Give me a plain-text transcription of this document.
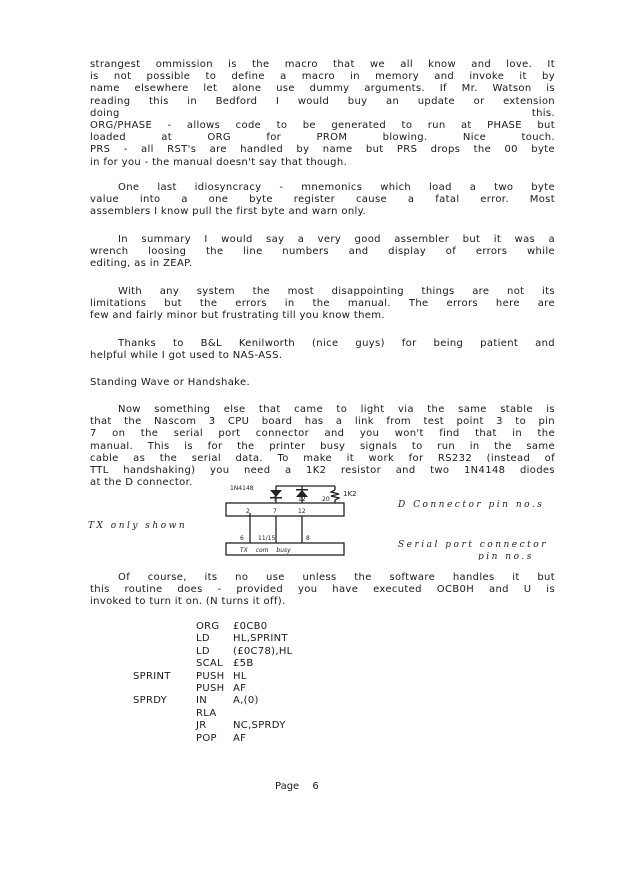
strangest ommission is the macro that we all know and love. It
is not possible to define a macro in memory and invoke it by
name elsewhere let alone use dummy arguments. If Mr. Watson is
reading this in Bedford I would buy an update or extension
doing this.
ORG/PHASE - allows code to be generated to run at PHASE but
loaded at ORG for PROM blowing. Nice touch.
PRS - all RST's are handled by name but PRS drops the 00 byte
in for you - the manual doesn't say that though.
One last idiosyncracy - mnemonics which load a two byte
value into a one byte register cause a fatal error. Most
assemblers I know pull the first byte and warn only.
In summary I would say a very good assembler but it was a
wrench loosing the line numbers and display of errors while
editing, as in ZEAP.
With any system the most disappointing things are not its
limitations but the errors in the manual. The errors here are
few and fairly minor but frustrating till you know them.
Thanks to B&L Kenilworth (nice guys) for being patient and
helpful while I got used to NAS-ASS.
Standing Wave or Handshake.
Now something else that came to light via the same stable is
that the Nascom 3 CPU board has a link from test point 3 to pin
7 on the serial port connector and you won't find that in the
manual. This is for the printer busy signals to run in the same
cable as the serial data. To make it work for RS232 (instead of
TTL handshaking) you need a 1K2 resistor and two 1N4148 diodes
at the D connector.
Of course, its no use unless the software handles it but
this routine does - provided you have executed OCB0H and U is
invoked to turn it on. (N turns it off).
1N4148
1K2
7	12	20
2	7	12
6 11/15	8
TX com busy
TX only shown
D Connector pin no.s
Serial port connector
pin no.s
ORG £0CB0
LD HL,SPRINT
LD (£0C78),HL
SCAL £5B
SPRINT	PUSH HL
PUSH AF
SPRDY	IN	A,(0)
RLA
JR	NC,SPRDY
POP AF
Page 6
